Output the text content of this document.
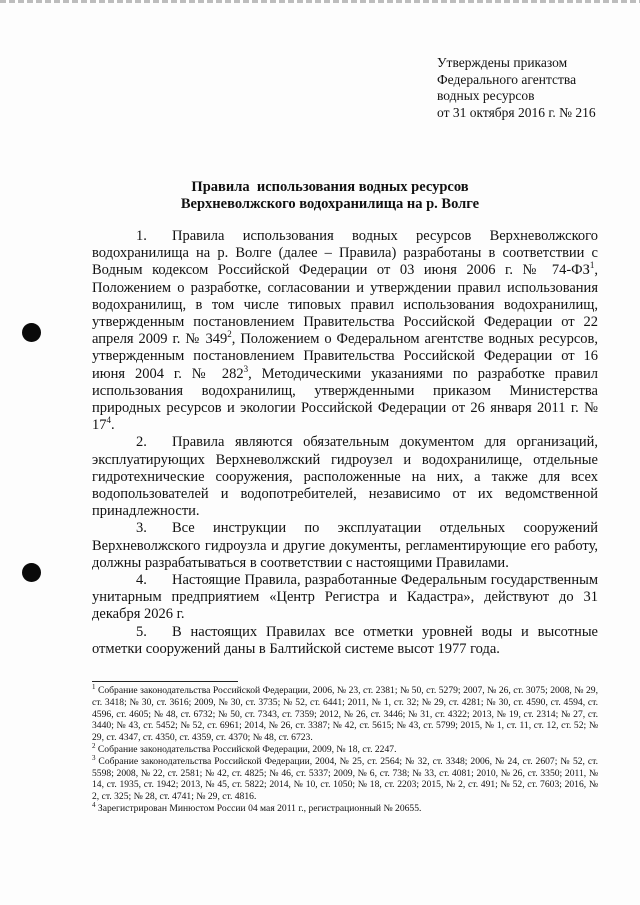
Утверждены приказом
Федерального агентства
водных ресурсов
от 31 октября 2016 г. № 216
Правила  использования водных ресурсов
Верхневолжского водохранилища на р. Волге

1. Правила использования водных ресурсов Верхневолжского водохранилища на р. Волге (далее – Правила) разработаны в соответствии с Водным кодексом Российской Федерации от 03 июня 2006 г. № $74-ФЗ^1$, Положением о разработке, согласовании и утверждении правил использования водохранилищ, в том числе типовых правил использования водохранилищ, утвержденным постановлением Правительства Российской Федерации от 22 апреля 2009 г. № $349^2$, Положением о Федеральном агентстве водных ресурсов, утвержденным постановлением Правительства Российской Федерации от 16 июня 2004 г. № $282^3$, Методическими указаниями по разработке правил использования водохранилищ, утвержденными приказом Министерства природных ресурсов и экологии Российской Федерации от 26 января 2011 г. № $17^4$.

2. Правила являются обязательным документом для организаций, эксплуатирующих Верхневолжский гидроузел и водохранилище, отдельные гидротехнические сооружения, расположенные на них, а также для всех водопользователей и водопотребителей, независимо от их ведомственной принадлежности.

3. Все инструкции по эксплуатации отдельных сооружений Верхневолжского гидроузла и другие документы, регламентирующие его работу, должны разрабатываться в соответствии с настоящими Правилами.

4. Настоящие Правила, разработанные Федеральным государственным унитарным предприятием «Центр Регистра и Кадастра», действуют до 31 декабря 2026 г.

5. В настоящих Правилах все отметки уровней воды и высотные отметки сооружений даны в Балтийской системе высот 1977 года.

$^1$ Собрание законодательства Российской Федерации, 2006, № 23, ст. 2381; № 50, ст. 5279; 2007, № 26, ст. 3075; 2008, № 29, ст. 3418; № 30, ст. 3616; 2009, № 30, ст. 3735; № 52, ст. 6441; 2011, № 1, ст. 32; № 29, ст. 4281; № 30, ст. 4590, ст. 4594, ст. 4596, ст. 4605; № 48, ст. 6732; № 50, ст. 7343, ст. 7359; 2012, № 26, ст. 3446; № 31, ст. 4322; 2013, № 19, ст. 2314; № 27, ст. 3440; № 43, ст. 5452; № 52, ст. 6961; 2014, № 26, ст. 3387; № 42, ст. 5615; № 43, ст. 5799; 2015, № 1, ст. 11, ст. 12, ст. 52; № 29, ст. 4347, ст. 4350, ст. 4359, ст. 4370; № 48, ст. 6723.

$^2$ Собрание законодательства Российской Федерации, 2009, № 18, ст. 2247.

$^3$ Собрание законодательства Российской Федерации, 2004, № 25, ст. 2564; № 32, ст. 3348; 2006, № 24, ст. 2607; № 52, ст. 5598; 2008, № 22, ст. 2581; № 42, ст. 4825; № 46, ст. 5337; 2009, № 6, ст. 738; № 33, ст. 4081; 2010, № 26, ст. 3350; 2011, № 14, ст. 1935, ст. 1942; 2013, № 45, ст. 5822; 2014, № 10, ст. 1050; № 18, ст. 2203; 2015, № 2, ст. 491; № 52, ст. 7603; 2016, № 2, ст. 325; № 28, ст. 4741; № 29, ст. 4816.

$^4$ Зарегистрирован Минюстом России 04 мая 2011 г., регистрационный № 20655.
